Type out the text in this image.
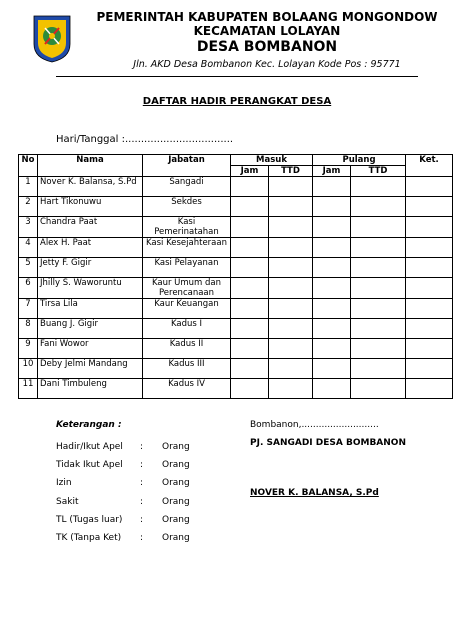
PEMERINTAH KABUPATEN BOLAANG MONGONDOW
KECAMATAN LOLAYAN
DESA BOMBANON
Jln. AKD Desa Bombanon Kec. Lolayan Kode Pos : 95771
DAFTAR HADIR PERANGKAT DESA
Hari/Tanggal :..................................
No	Nama	Jabatan	Masuk		Pulang		Ket.
			Jam	TTD	Jam	TTD	
1	Nover K. Balansa, S.Pd	Sangadi					
2	Hart Tikonuwu	Sekdes					
3	Chandra Paat	Kasi Pemerinatahan					
4	Alex H. Paat	Kasi Kesejahteraan					
5	Jetty F. Gigir	Kasi Pelayanan					
6	Jhilly S. Waworuntu	Kaur Umum dan Perencanaan					
7	Tirsa Lila	Kaur Keuangan					
8	Buang J. Gigir	Kadus I					
9	Fani Wowor	Kadus II					
10	Deby Jelmi Mandang	Kadus III					
11	Dani Timbuleng	Kadus IV					
Keterangan :
Hadir/Ikut Apel	:	Orang
Tidak Ikut Apel	:	Orang
Izin	:	Orang
Sakit	:	Orang
TL (Tugas luar)	:	Orang
TK (Tanpa Ket)	:	Orang
Bombanon,...........................
PJ. SANGADI DESA BOMBANON
NOVER K. BALANSA, S.Pd
